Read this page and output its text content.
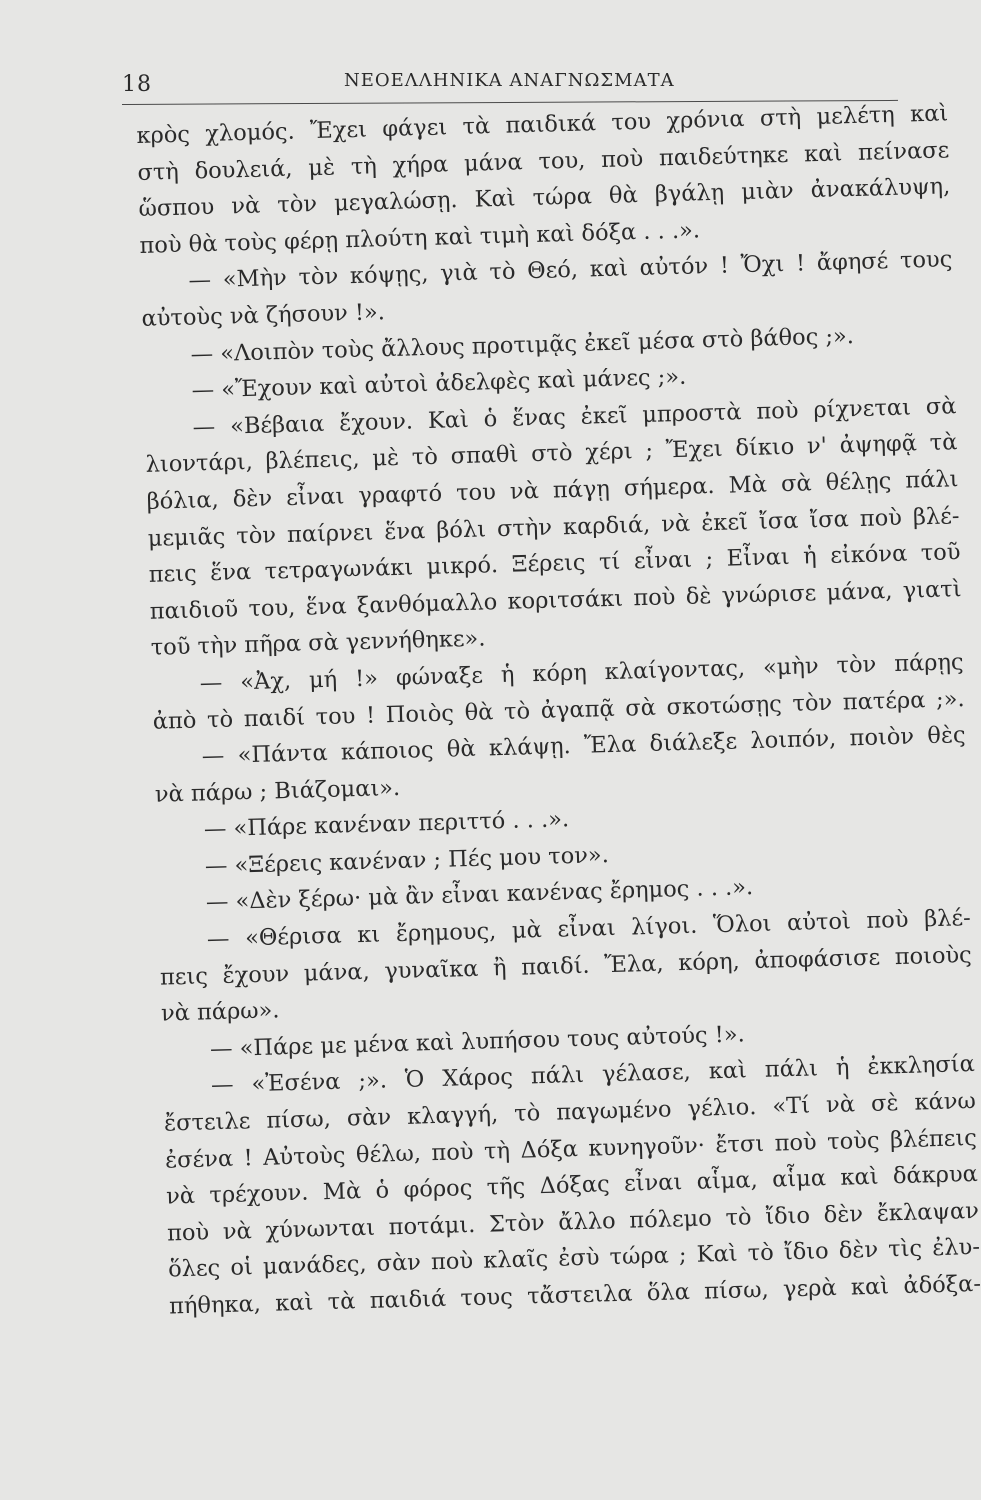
18	ΝΕΟΕΛΛΗΝΙΚΑ ΑΝΑΓΝΩΣΜΑΤΑ
κρὸς χλομός. Ἔχει φάγει τὰ παιδικά του χρόνια στὴ μελέτη καὶ
στὴ δουλειά, μὲ τὴ χήρα μάνα του, ποὺ παιδεύτηκε καὶ πείνασε
ὥσπου νὰ τὸν μεγαλώσῃ. Καὶ τώρα θὰ βγάλῃ μιὰν ἀνακάλυψη,
ποὺ θὰ τοὺς φέρῃ πλούτη καὶ τιμὴ καὶ δόξα . . .».
— «Μὴν τὸν κόψῃς, γιὰ τὸ Θεό, καὶ αὐτόν ! Ὄχι ! ἄφησέ τους
αὐτοὺς νὰ ζήσουν !».
— «Λοιπὸν τοὺς ἄλλους προτιμᾷς ἐκεῖ μέσα στὸ βάθος ;».
— «Ἔχουν καὶ αὐτοὶ ἀδελφὲς καὶ μάνες ;».
— «Βέβαια ἔχουν. Καὶ ὁ ἕνας ἐκεῖ μπροστὰ ποὺ ρίχνεται σὰ
λιοντάρι, βλέπεις, μὲ τὸ σπαθὶ στὸ χέρι ; Ἔχει δίκιο ν' ἀψηφᾷ τὰ
βόλια, δὲν εἶναι γραφτό του νὰ πάγῃ σήμερα. Μὰ σὰ θέλῃς πάλι
μεμιᾶς τὸν παίρνει ἕνα βόλι στὴν καρδιά, νὰ ἐκεῖ ἴσα ἴσα ποὺ βλέ-
πεις ἕνα τετραγωνάκι μικρό. Ξέρεις τί εἶναι ; Εἶναι ἡ εἰκόνα τοῦ
παιδιοῦ του, ἕνα ξανθόμαλλο κοριτσάκι ποὺ δὲ γνώρισε μάνα, γιατὶ
τοῦ τὴν πῆρα σὰ γεννήθηκε».
— «Ἀχ, μή !» φώναξε ἡ κόρη κλαίγοντας, «μὴν τὸν πάρῃς
ἀπὸ τὸ παιδί του ! Ποιὸς θὰ τὸ ἀγαπᾷ σὰ σκοτώσῃς τὸν πατέρα ;».
— «Πάντα κάποιος θὰ κλάψῃ. Ἔλα διάλεξε λοιπόν, ποιὸν θὲς
νὰ πάρω ; Βιάζομαι».
— «Πάρε κανέναν περιττό . . .».
— «Ξέρεις κανέναν ; Πές μου τον».
— «Δὲν ξέρω· μὰ ἂν εἶναι κανένας ἔρημος . . .».
— «Θέρισα κι ἔρημους, μὰ εἶναι λίγοι. Ὅλοι αὐτοὶ ποὺ βλέ-
πεις ἔχουν μάνα, γυναῖκα ἢ παιδί. Ἔλα, κόρη, ἀποφάσισε ποιοὺς
νὰ πάρω».
— «Πάρε με μένα καὶ λυπήσου τους αὐτούς !».
— «Ἐσένα ;». Ὁ Χάρος πάλι γέλασε, καὶ πάλι ἡ ἐκκλησία
ἔστειλε πίσω, σὰν κλαγγή, τὸ παγωμένο γέλιο. «Τί νὰ σὲ κάνω
ἐσένα ! Αὐτοὺς θέλω, ποὺ τὴ Δόξα κυνηγοῦν· ἔτσι ποὺ τοὺς βλέπεις
νὰ τρέχουν. Μὰ ὁ φόρος τῆς Δόξας εἶναι αἷμα, αἷμα καὶ δάκρυα
ποὺ νὰ χύνωνται ποτάμι. Στὸν ἄλλο πόλεμο τὸ ἴδιο δὲν ἔκλαψαν
ὅλες οἱ μανάδες, σὰν ποὺ κλαῖς ἐσὺ τώρα ; Καὶ τὸ ἴδιο δὲν τὶς ἐλυ-
πήθηκα, καὶ τὰ παιδιά τους τἄστειλα ὅλα πίσω, γερὰ καὶ ἀδόξα-
